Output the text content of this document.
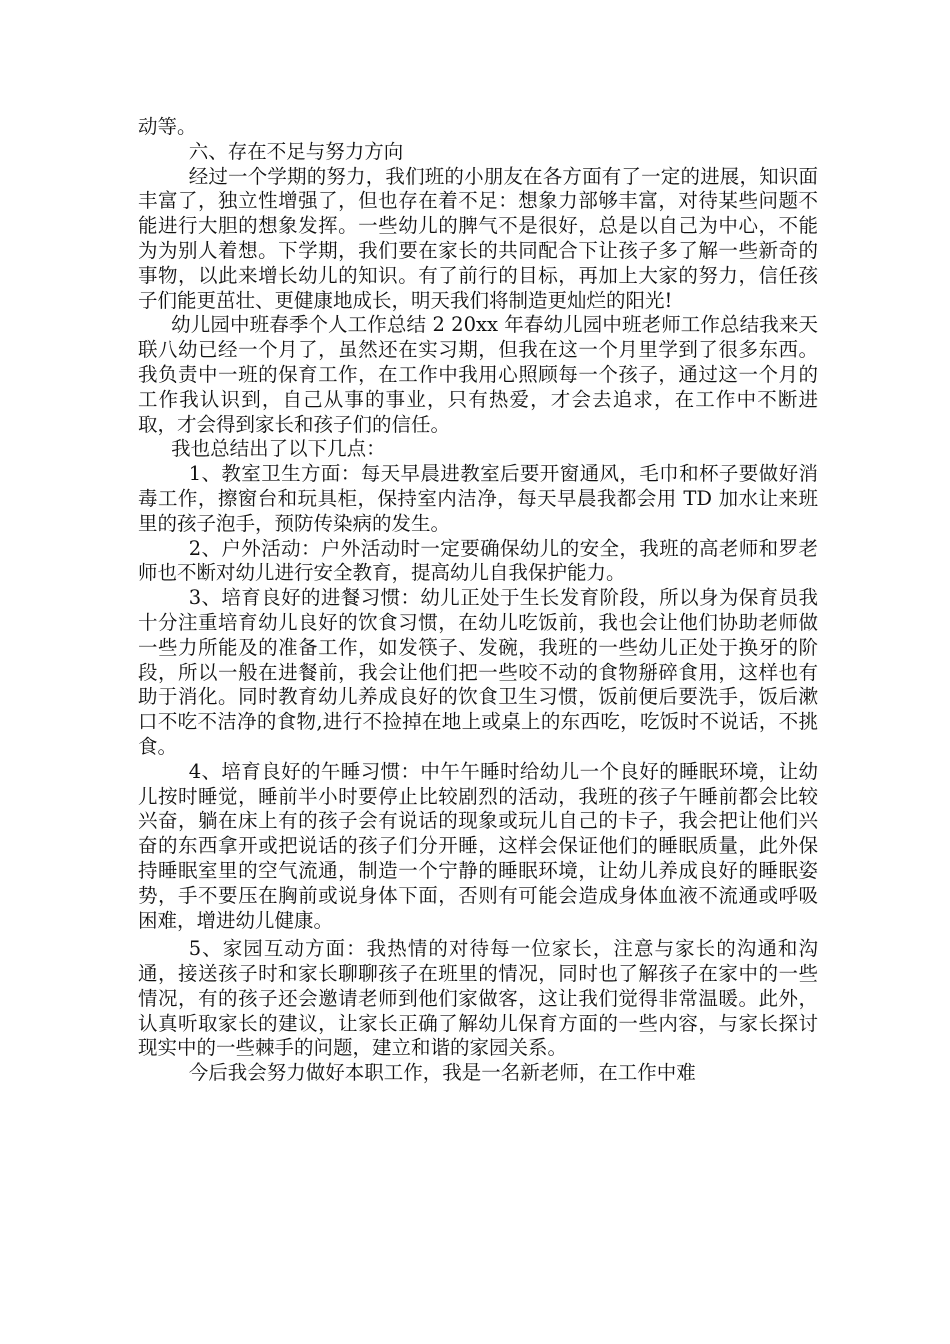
动等。

六、存在不足与努力方向

经过一个学期的努力，我们班的小朋友在各方面有了一定的进展，知识面丰富了，独立性增强了，但也存在着不足：想象力部够丰富，对待某些问题不能进行大胆的想象发挥。一些幼儿的脾气不是很好，总是以自己为中心，不能为为别人着想。下学期，我们要在家长的共同配合下让孩子多了解一些新奇的事物，以此来增长幼儿的知识。有了前行的目标，再加上大家的努力，信任孩子们能更茁壮、更健康地成长，明天我们将制造更灿烂的阳光!

幼儿园中班春季个人工作总结 2 20xx 年春幼儿园中班老师工作总结我来天联八幼已经一个月了，虽然还在实习期，但我在这一个月里学到了很多东西。我负责中一班的保育工作，在工作中我用心照顾每一个孩子，通过这一个月的工作我认识到，自己从事的事业，只有热爱，才会去追求，在工作中不断进取，才会得到家长和孩子们的信任。

我也总结出了以下几点：

1、教室卫生方面：每天早晨进教室后要开窗通风，毛巾和杯子要做好消毒工作，擦窗台和玩具柜，保持室内洁净，每天早晨我都会用 TD 加水让来班里的孩子泡手，预防传染病的发生。

2、户外活动：户外活动时一定要确保幼儿的安全，我班的高老师和罗老师也不断对幼儿进行安全教育，提高幼儿自我保护能力。

3、培育良好的进餐习惯：幼儿正处于生长发育阶段，所以身为保育员我十分注重培育幼儿良好的饮食习惯，在幼儿吃饭前，我也会让他们协助老师做一些力所能及的准备工作，如发筷子、发碗，我班的一些幼儿正处于换牙的阶段，所以一般在进餐前，我会让他们把一些咬不动的食物掰碎食用，这样也有助于消化。同时教育幼儿养成良好的饮食卫生习惯，饭前便后要洗手，饭后漱口不吃不洁净的食物,进行不捡掉在地上或桌上的东西吃，吃饭时不说话，不挑食。

4、培育良好的午睡习惯：中午午睡时给幼儿一个良好的睡眠环境，让幼儿按时睡觉，睡前半小时要停止比较剧烈的活动，我班的孩子午睡前都会比较兴奋，躺在床上有的孩子会有说话的现象或玩儿自己的卡子，我会把让他们兴奋的东西拿开或把说话的孩子们分开睡，这样会保证他们的睡眠质量，此外保持睡眠室里的空气流通，制造一个宁静的睡眠环境，让幼儿养成良好的睡眠姿势，手不要压在胸前或说身体下面，否则有可能会造成身体血液不流通或呼吸困难，增进幼儿健康。

5、家园互动方面：我热情的对待每一位家长，注意与家长的沟通和沟通，接送孩子时和家长聊聊孩子在班里的情况，同时也了解孩子在家中的一些情况，有的孩子还会邀请老师到他们家做客，这让我们觉得非常温暖。此外，认真听取家长的建议，让家长正确了解幼儿保育方面的一些内容，与家长探讨现实中的一些棘手的问题，建立和谐的家园关系。

今后我会努力做好本职工作，我是一名新老师，在工作中难
